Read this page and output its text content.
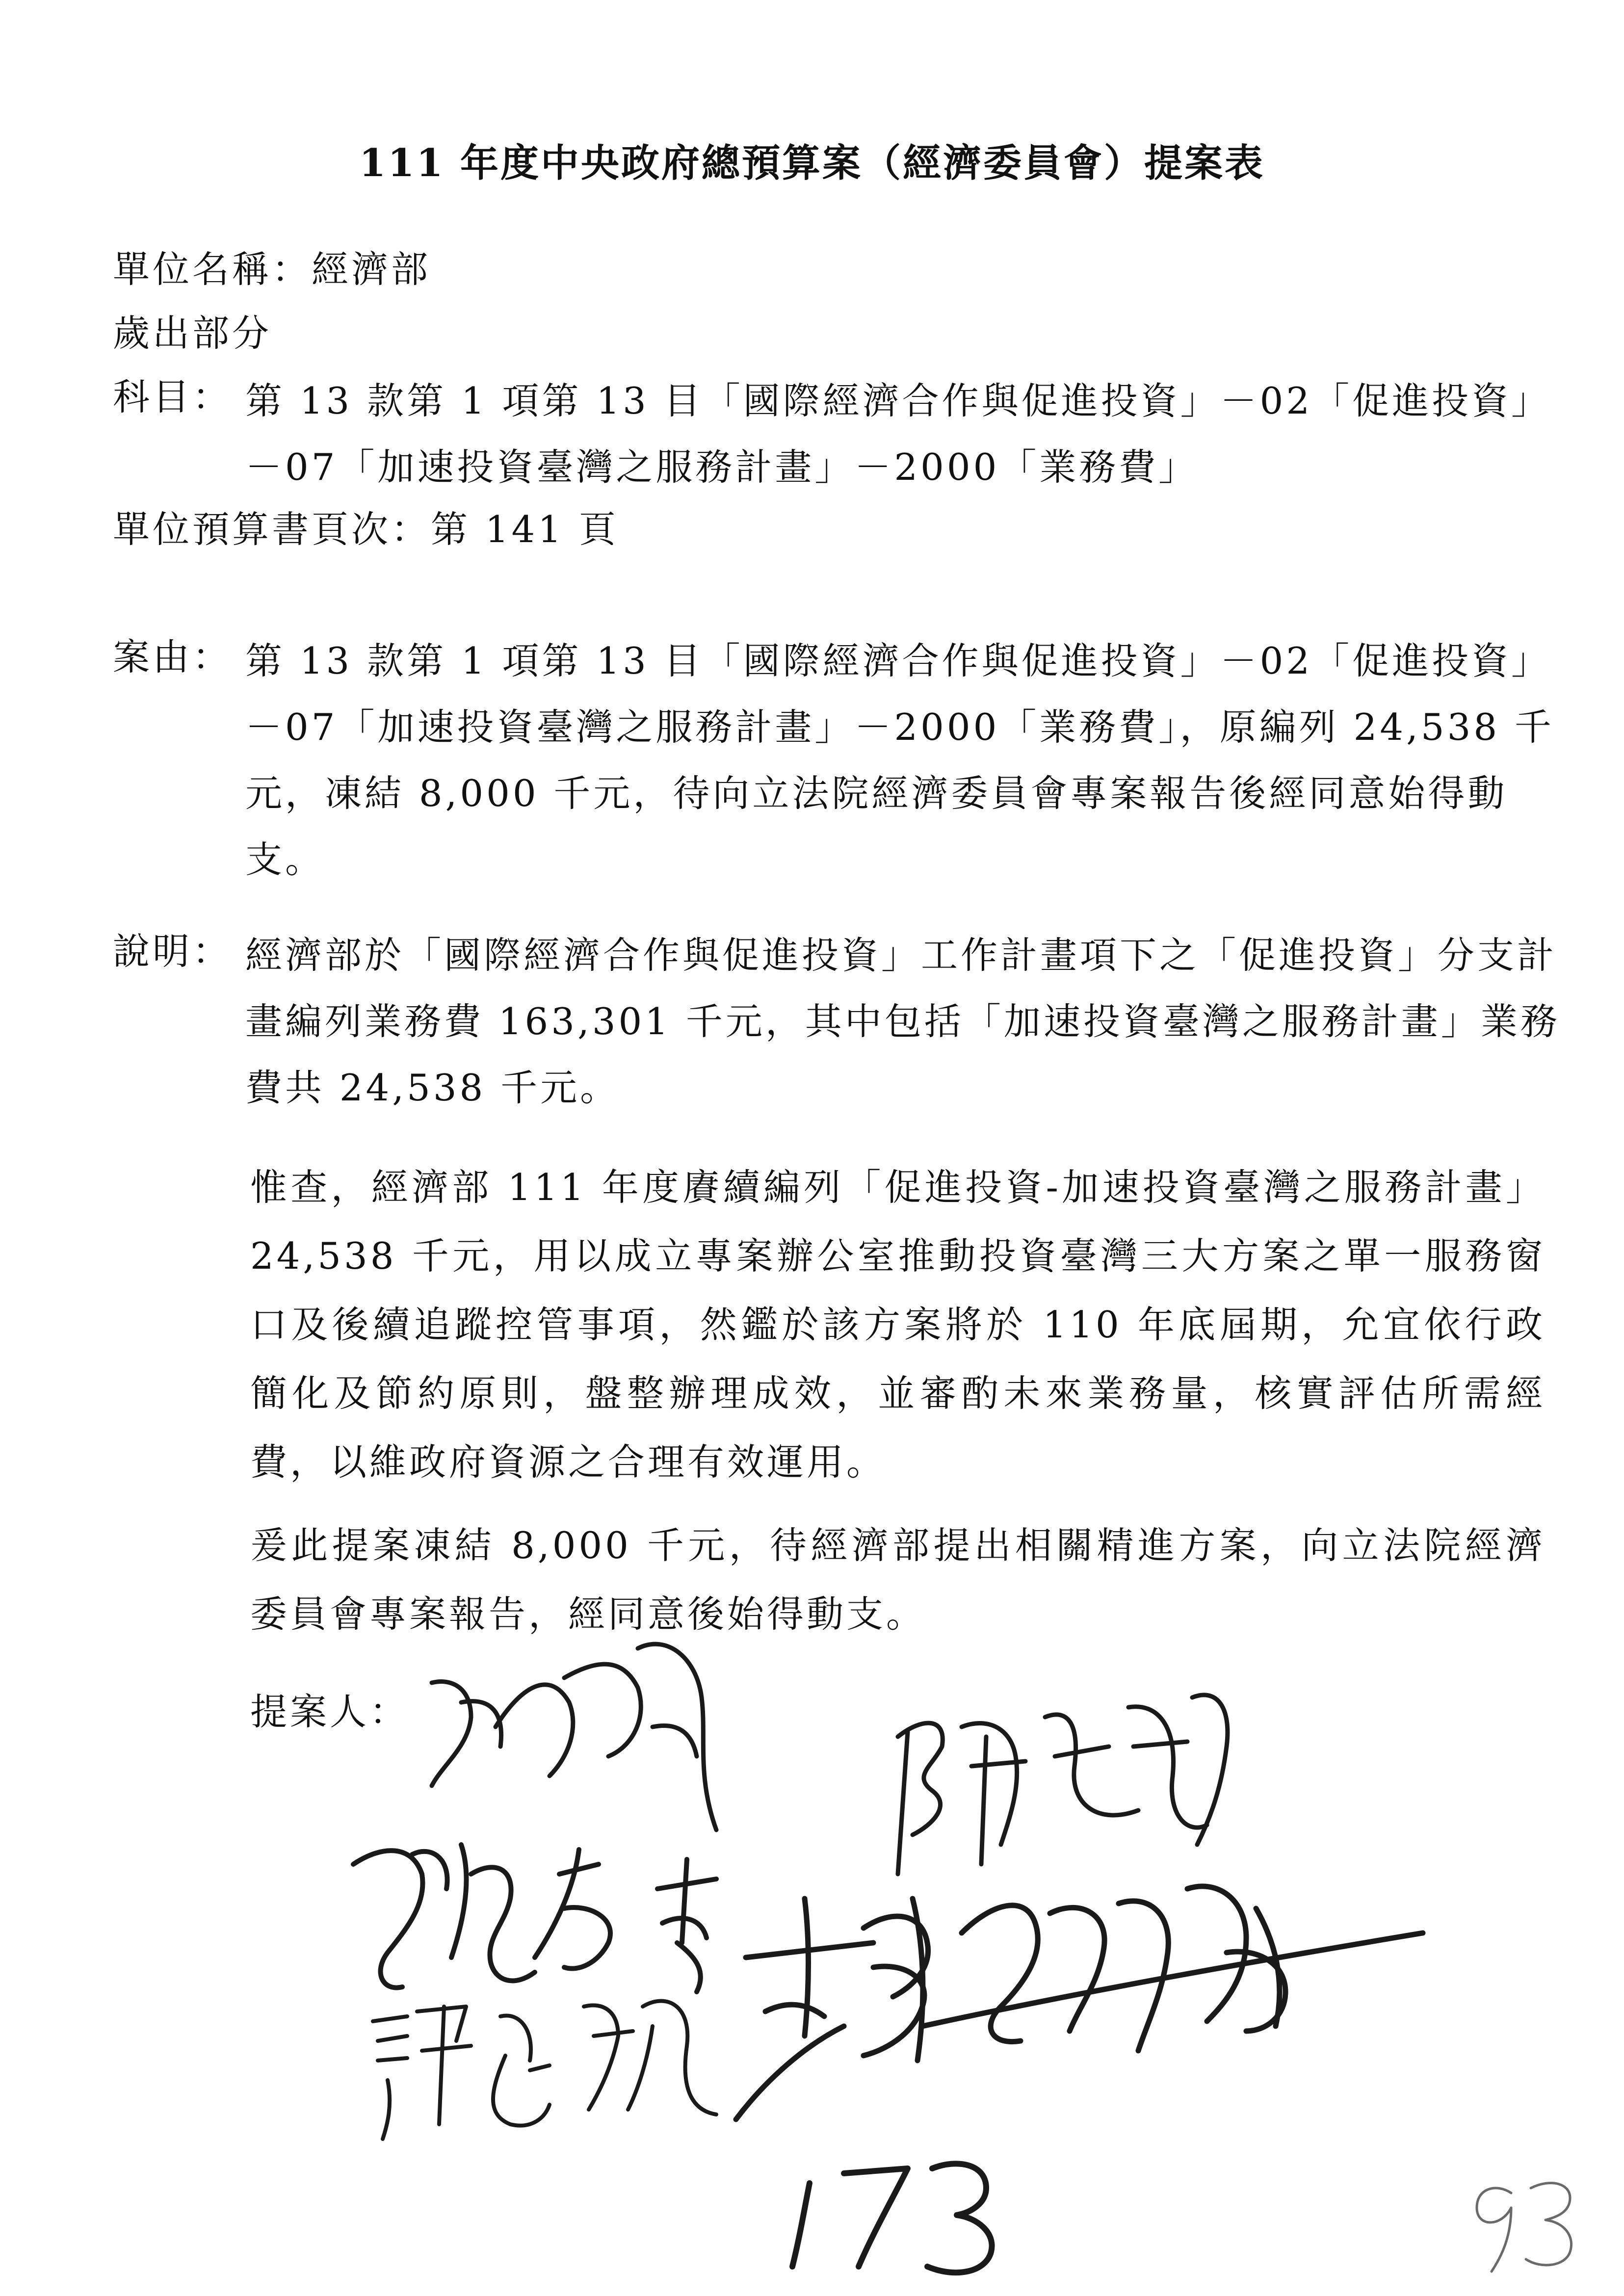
111 年度中央政府總預算案（經濟委員會）提案表
單位名稱：經濟部
歲出部分
科目： 第 13 款第 1 項第 13 目「國際經濟合作與促進投資」－02「促進投資」
－07「加速投資臺灣之服務計畫」－2000「業務費」
單位預算書頁次：第 141 頁
案由： 第 13 款第 1 項第 13 目「國際經濟合作與促進投資」－02「促進投資」－07「加速投資臺灣之服務計畫」－2000「業務費」，原編列 24,538 千元，凍結 8,000 千元，待向立法院經濟委員會專案報告後經同意始得動支。
說明： 經濟部於「國際經濟合作與促進投資」工作計畫項下之「促進投資」分支計畫編列業務費 163,301 千元，其中包括「加速投資臺灣之服務計畫」業務費共 24,538 千元。
惟查，經濟部 111 年度賡續編列「促進投資-加速投資臺灣之服務計畫」24,538 千元，用以成立專案辦公室推動投資臺灣三大方案之單一服務窗口及後續追蹤控管事項，然鑑於該方案將於 110 年底屆期，允宜依行政簡化及節約原則，盤整辦理成效，並審酌未來業務量，核實評估所需經費，以維政府資源之合理有效運用。
爰此提案凍結 8,000 千元，待經濟部提出相關精進方案，向立法院經濟委員會專案報告，經同意後始得動支。
提案人：
